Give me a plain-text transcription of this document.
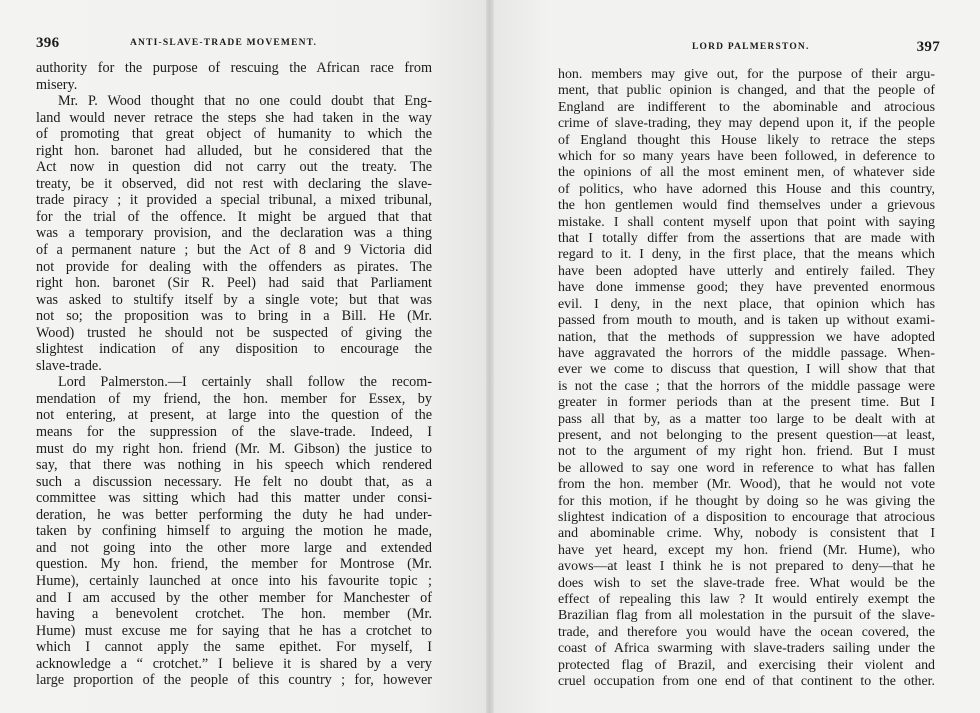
396	ANTI-SLAVE-TRADE MOVEMENT.
authority for the purpose of rescuing the African race from
misery.
Mr. P. Wood thought that no one could doubt that Eng-
land would never retrace the steps she had taken in the way
of promoting that great object of humanity to which the
right hon. baronet had alluded, but he considered that the
Act now in question did not carry out the treaty. The
treaty, be it observed, did not rest with declaring the slave-
trade piracy ; it provided a special tribunal, a mixed tribunal,
for the trial of the offence. It might be argued that that
was a temporary provision, and the declaration was a thing
of a permanent nature ; but the Act of 8 and 9 Victoria did
not provide for dealing with the offenders as pirates. The
right hon. baronet (Sir R. Peel) had said that Parliament
was asked to stultify itself by a single vote; but that was
not so; the proposition was to bring in a Bill. He (Mr.
Wood) trusted he should not be suspected of giving the
slightest indication of any disposition to encourage the
slave-trade.
Lord Palmerston.—I certainly shall follow the recom-
mendation of my friend, the hon. member for Essex, by
not entering, at present, at large into the question of the
means for the suppression of the slave-trade. Indeed, I
must do my right hon. friend (Mr. M. Gibson) the justice to
say, that there was nothing in his speech which rendered
such a discussion necessary. He felt no doubt that, as a
committee was sitting which had this matter under consi-
deration, he was better performing the duty he had under-
taken by confining himself to arguing the motion he made,
and not going into the other more large and extended
question. My hon. friend, the member for Montrose (Mr.
Hume), certainly launched at once into his favourite topic ;
and I am accused by the other member for Manchester of
having a benevolent crotchet. The hon. member (Mr.
Hume) must excuse me for saying that he has a crotchet to
which I cannot apply the same epithet. For myself, I
acknowledge a “ crotchet.” I believe it is shared by a very
large proportion of the people of this country ; for, however
LORD PALMERSTON.	397
hon. members may give out, for the purpose of their argu-
ment, that public opinion is changed, and that the people of
England are indifferent to the abominable and atrocious
crime of slave-trading, they may depend upon it, if the people
of England thought this House likely to retrace the steps
which for so many years have been followed, in deference to
the opinions of all the most eminent men, of whatever side
of politics, who have adorned this House and this country,
the hon gentlemen would find themselves under a grievous
mistake. I shall content myself upon that point with saying
that I totally differ from the assertions that are made with
regard to it. I deny, in the first place, that the means which
have been adopted have utterly and entirely failed. They
have done immense good; they have prevented enormous
evil. I deny, in the next place, that opinion which has
passed from mouth to mouth, and is taken up without exami-
nation, that the methods of suppression we have adopted
have aggravated the horrors of the middle passage. When-
ever we come to discuss that question, I will show that that
is not the case ; that the horrors of the middle passage were
greater in former periods than at the present time. But I
pass all that by, as a matter too large to be dealt with at
present, and not belonging to the present question—at least,
not to the argument of my right hon. friend. But I must
be allowed to say one word in reference to what has fallen
from the hon. member (Mr. Wood), that he would not vote
for this motion, if he thought by doing so he was giving the
slightest indication of a disposition to encourage that atrocious
and abominable crime. Why, nobody is consistent that I
have yet heard, except my hon. friend (Mr. Hume), who
avows—at least I think he is not prepared to deny—that he
does wish to set the slave-trade free. What would be the
effect of repealing this law ? It would entirely exempt the
Brazilian flag from all molestation in the pursuit of the slave-
trade, and therefore you would have the ocean covered, the
coast of Africa swarming with slave-traders sailing under the
protected flag of Brazil, and exercising their violent and
cruel occupation from one end of that continent to the other.
